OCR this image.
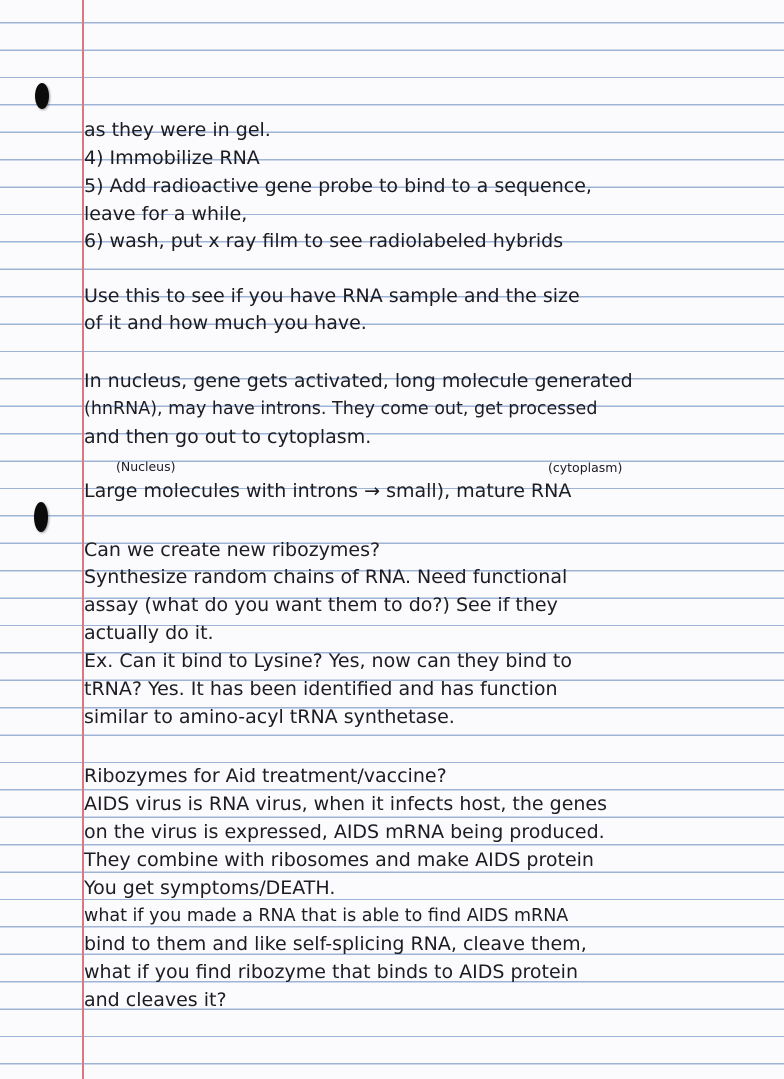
as they were in gel.
4) Immobilize RNA
5) Add radioactive gene probe to bind to a sequence,
leave for a while,
6) wash, put x ray film to see radiolabeled hybrids
Use this to see if you have RNA sample and the size
of it and how much you have.
In nucleus, gene gets activated, long molecule generated
(hnRNA), may have introns. They come out, get processed
and then go out to cytoplasm.
(Nucleus)	(cytoplasm)
Large molecules with introns → small), mature RNA
Can we create new ribozymes?
Synthesize random chains of RNA. Need functional
assay (what do you want them to do?) See if they
actually do it.
Ex. Can it bind to Lysine? Yes, now can they bind to
tRNA? Yes. It has been identified and has function
similar to amino-acyl tRNA synthetase.
Ribozymes for Aid treatment/vaccine?
AIDS virus is RNA virus, when it infects host, the genes
on the virus is expressed, AIDS mRNA being produced.
They combine with ribosomes and make AIDS protein
You get symptoms/DEATH.
what if you made a RNA that is able to find AIDS mRNA
bind to them and like self-splicing RNA, cleave them,
what if you find ribozyme that binds to AIDS protein
and cleaves it?
